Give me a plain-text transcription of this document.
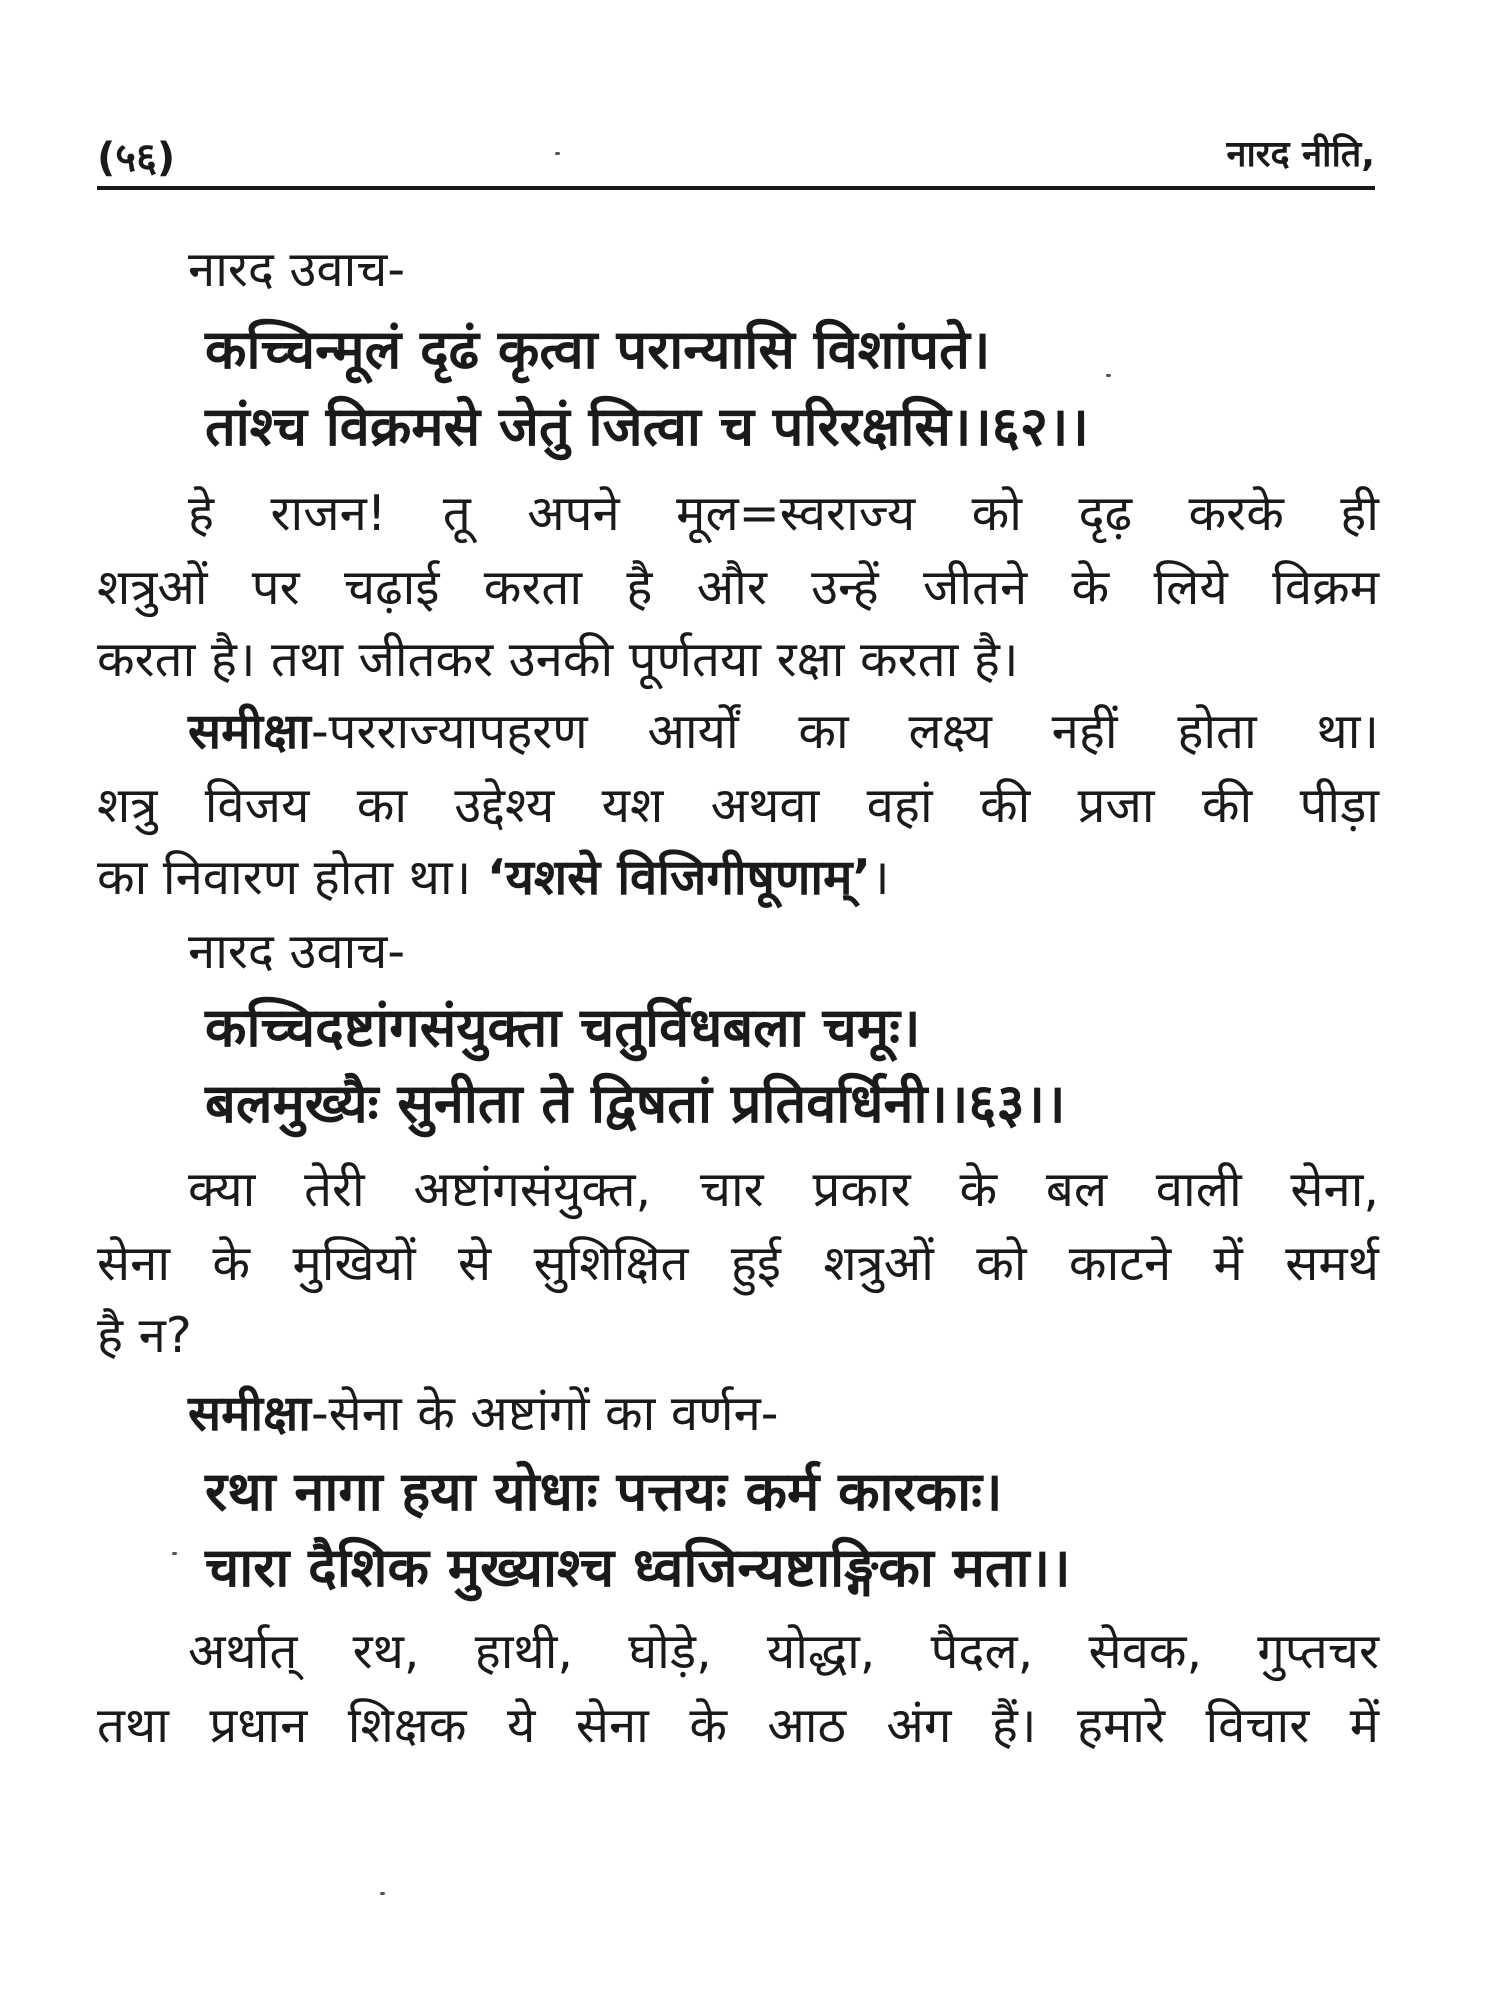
(५६)	नारद नीति,
नारद उवाच-
कच्चिन्मूलं दृढं कृत्वा परान्यासि विशांपते।
तांश्च विक्रमसे जेतुं जित्वा च परिरक्षसि।।६२।।
हे राजन! तू अपने मूल=स्वराज्य को दृढ़ करके ही
शत्रुओं पर चढ़ाई करता है और उन्हें जीतने के लिये विक्रम
करता है। तथा जीतकर उनकी पूर्णतया रक्षा करता है।
समीक्षा-परराज्यापहरण आर्यों का लक्ष्य नहीं होता था।
शत्रु विजय का उद्देश्य यश अथवा वहां की प्रजा की पीड़ा
का निवारण होता था। ‘यशसे विजिगीषूणाम्’।
नारद उवाच-
कच्चिदष्टांगसंयुक्ता चतुर्विधबला चमूः।
बलमुख्यैः सुनीता ते द्विषतां प्रतिवर्धिनी।।६३।।
क्या तेरी अष्टांगसंयुक्त, चार प्रकार के बल वाली सेना,
सेना के मुखियों से सुशिक्षित हुई शत्रुओं को काटने में समर्थ
है न?
समीक्षा-सेना के अष्टांगों का वर्णन-
रथा नागा हया योधाः पत्तयः कर्म कारकाः।
चारा दैशिक मुख्याश्च ध्वजिन्यष्टाङ्गिका मता।।
अर्थात् रथ, हाथी, घोड़े, योद्धा, पैदल, सेवक, गुप्तचर
तथा प्रधान शिक्षक ये सेना के आठ अंग हैं। हमारे विचार में
